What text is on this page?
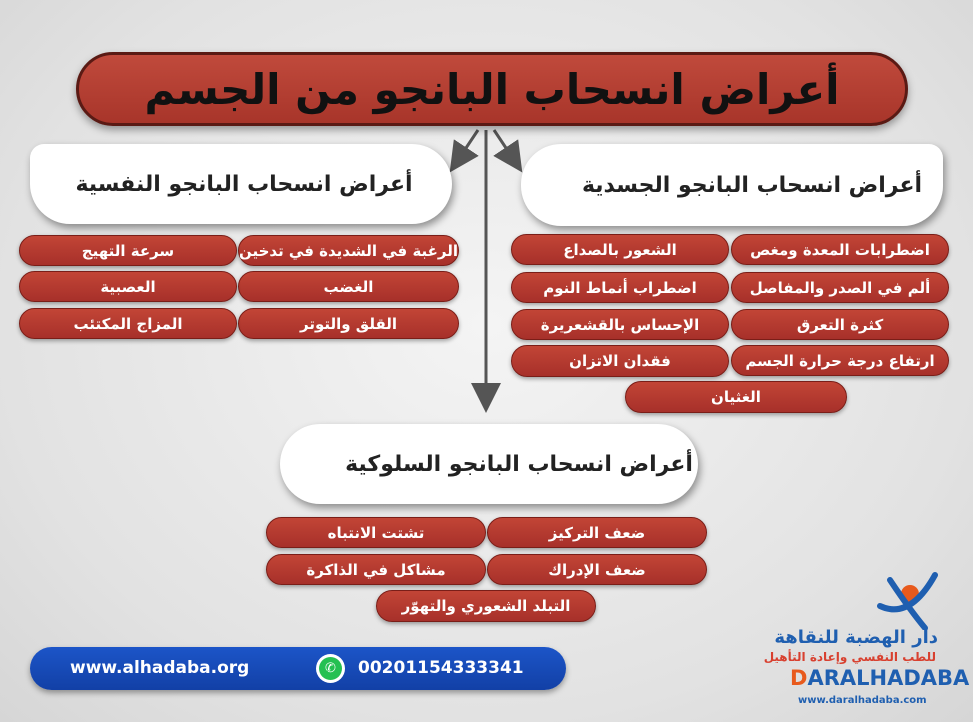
أعراض انسحاب البانجو من الجسم
أعراض انسحاب البانجو الجسدية
اضطرابات المعدة ومغص
الشعور بالصداع
ألم في الصدر والمفاصل
اضطراب أنماط النوم
كثرة التعرق
الإحساس بالقشعريرة
ارتفاع درجة حرارة الجسم
فقدان الاتزان
الغثيان
أعراض انسحاب البانجو النفسية
الرغبة في الشديدة في تدخين
سرعة التهيج
الغضب
العصبية
القلق والتوتر
المزاج المكتئب
أعراض انسحاب البانجو السلوكية
ضعف التركيز
تشتت الانتباه
ضعف الإدراك
مشاكل في الذاكرة
التبلد الشعوري والتهوّر
www.alhadaba.org	✆	00201154333341
دار الهضبة للنقاهة
للطب النفسي وإعادة التأهيل
DARALHADABA
www.daralhadaba.com
